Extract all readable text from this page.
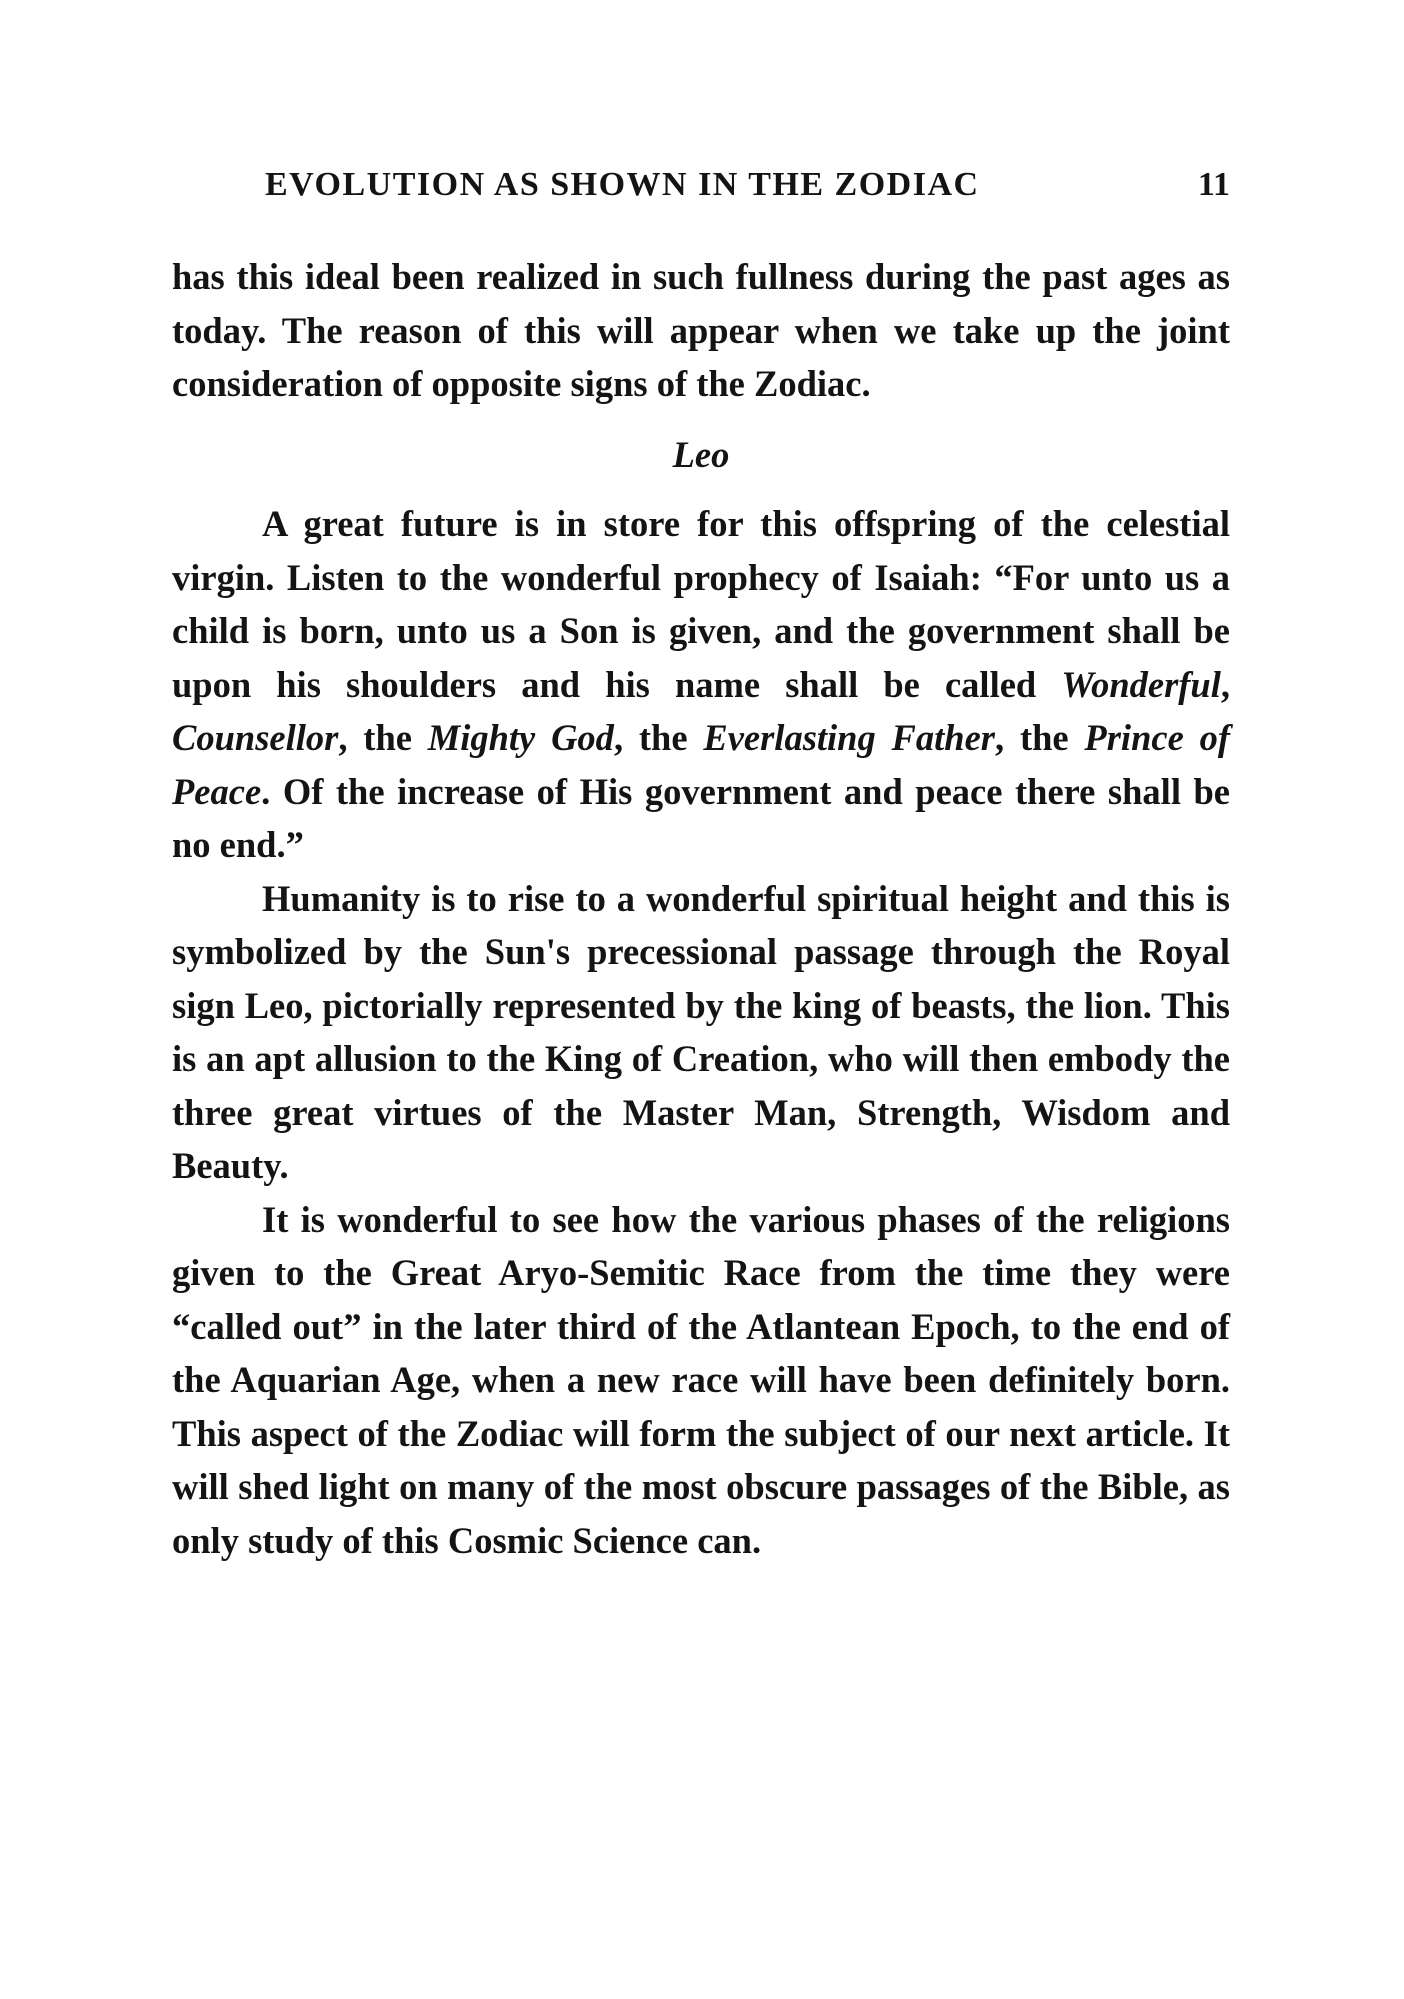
EVOLUTION AS SHOWN IN THE ZODIAC	11

has this ideal been realized in such fullness during the past ages as today. The reason of this will appear when we take up the joint consideration of opposite signs of the Zodiac.

Leo

A great future is in store for this offspring of the celestial virgin. Listen to the wonderful prophecy of Isaiah: “For unto us a child is born, unto us a Son is given, and the government shall be upon his shoulders and his name shall be called Wonderful, Counsellor, the Mighty God, the Everlasting Father, the Prince of Peace. Of the increase of His government and peace there shall be no end.”

Humanity is to rise to a wonderful spiritual height and this is symbolized by the Sun's precessional passage through the Royal sign Leo, pictorially represented by the king of beasts, the lion. This is an apt allusion to the King of Creation, who will then embody the three great virtues of the Master Man, Strength, Wisdom and Beauty.

It is wonderful to see how the various phases of the religions given to the Great Aryo-Semitic Race from the time they were “called out” in the later third of the Atlantean Epoch, to the end of the Aquarian Age, when a new race will have been definitely born. This aspect of the Zodiac will form the subject of our next article. It will shed light on many of the most obscure passages of the Bible, as only study of this Cosmic Science can.
